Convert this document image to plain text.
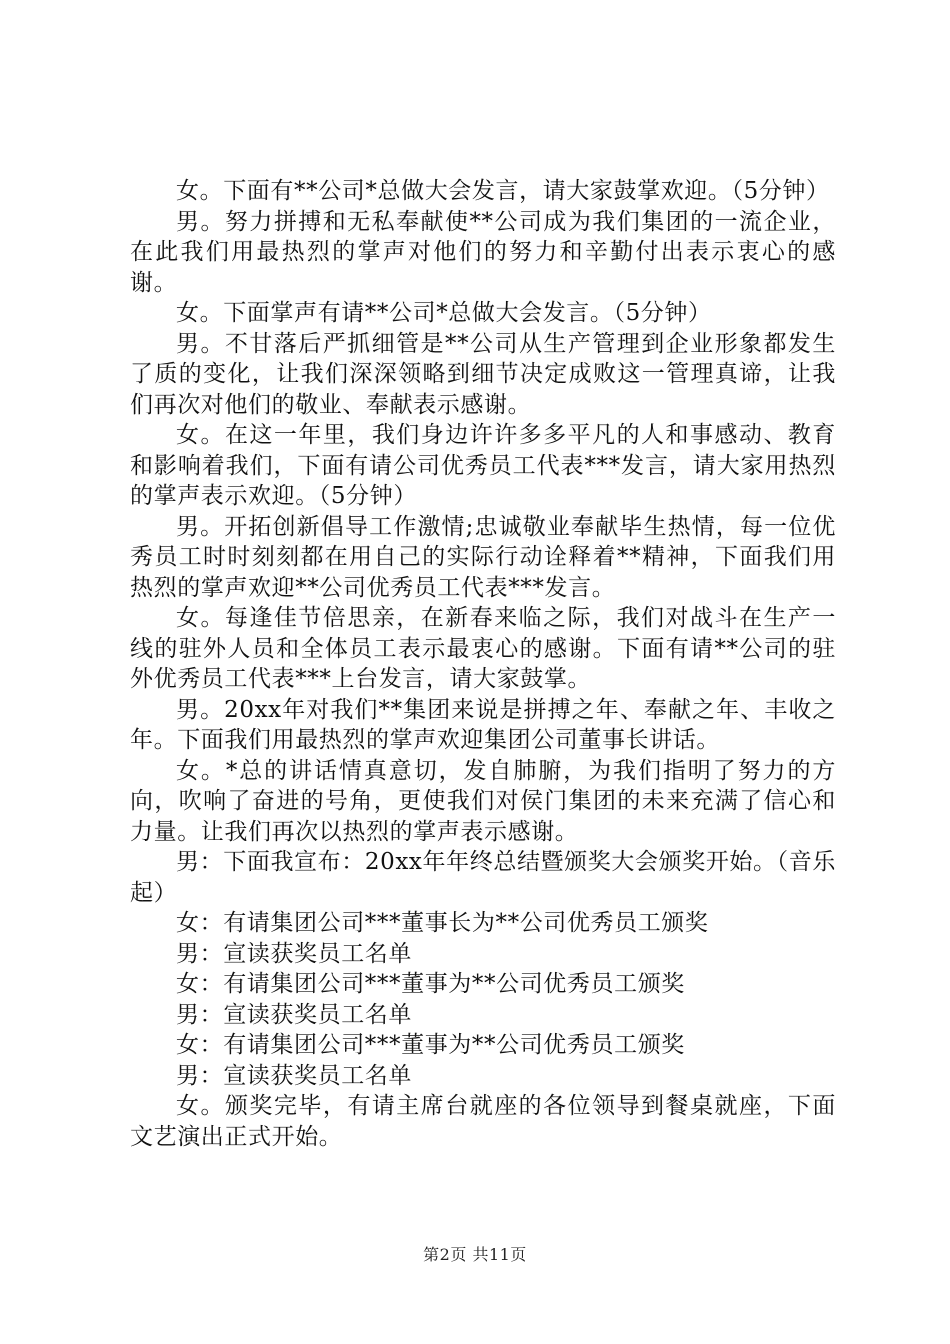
女。下面有**公司*总做大会发言，请大家鼓掌欢迎。（5分钟）

男。努力拼搏和无私奉献使**公司成为我们集团的一流企业，在此我们用最热烈的掌声对他们的努力和辛勤付出表示衷心的感谢。

女。下面掌声有请**公司*总做大会发言。（5分钟）

男。不甘落后严抓细管是**公司从生产管理到企业形象都发生了质的变化，让我们深深领略到细节决定成败这一管理真谛，让我们再次对他们的敬业、奉献表示感谢。

女。在这一年里，我们身边许许多多平凡的人和事感动、教育和影响着我们，下面有请公司优秀员工代表***发言，请大家用热烈的掌声表示欢迎。（5分钟）

男。开拓创新倡导工作激情;忠诚敬业奉献毕生热情，每一位优秀员工时时刻刻都在用自己的实际行动诠释着**精神，下面我们用热烈的掌声欢迎**公司优秀员工代表***发言。

女。每逢佳节倍思亲，在新春来临之际，我们对战斗在生产一线的驻外人员和全体员工表示最衷心的感谢。下面有请**公司的驻外优秀员工代表***上台发言，请大家鼓掌。

男。20xx年对我们**集团来说是拼搏之年、奉献之年、丰收之年。下面我们用最热烈的掌声欢迎集团公司董事长讲话。

女。*总的讲话情真意切，发自肺腑，为我们指明了努力的方向，吹响了奋进的号角，更使我们对侯门集团的未来充满了信心和力量。让我们再次以热烈的掌声表示感谢。

男：下面我宣布：20xx年年终总结暨颁奖大会颁奖开始。（音乐起）

女：有请集团公司***董事长为**公司优秀员工颁奖

男：宣读获奖员工名单

女：有请集团公司***董事为**公司优秀员工颁奖

男：宣读获奖员工名单

女：有请集团公司***董事为**公司优秀员工颁奖

男：宣读获奖员工名单

女。颁奖完毕，有请主席台就座的各位领导到餐桌就座，下面文艺演出正式开始。

第2页 共11页
